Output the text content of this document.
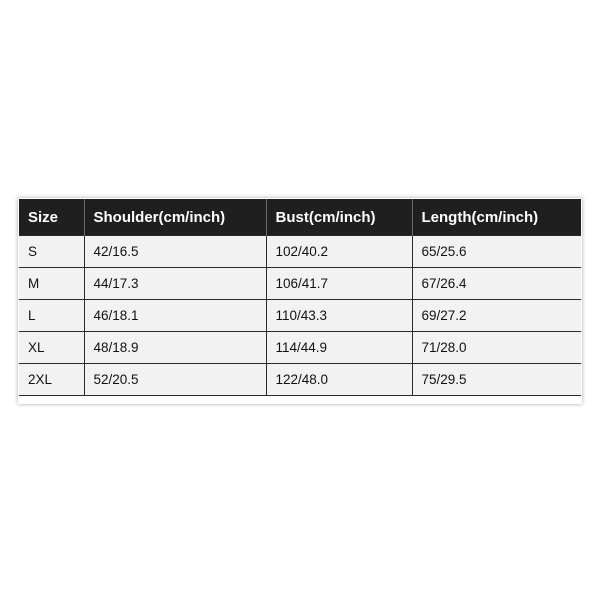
Size	Shoulder(cm/inch)	Bust(cm/inch)	Length(cm/inch)
S	42/16.5	102/40.2	65/25.6
M	44/17.3	106/41.7	67/26.4
L	46/18.1	110/43.3	69/27.2
XL	48/18.9	114/44.9	71/28.0
2XL	52/20.5	122/48.0	75/29.5
